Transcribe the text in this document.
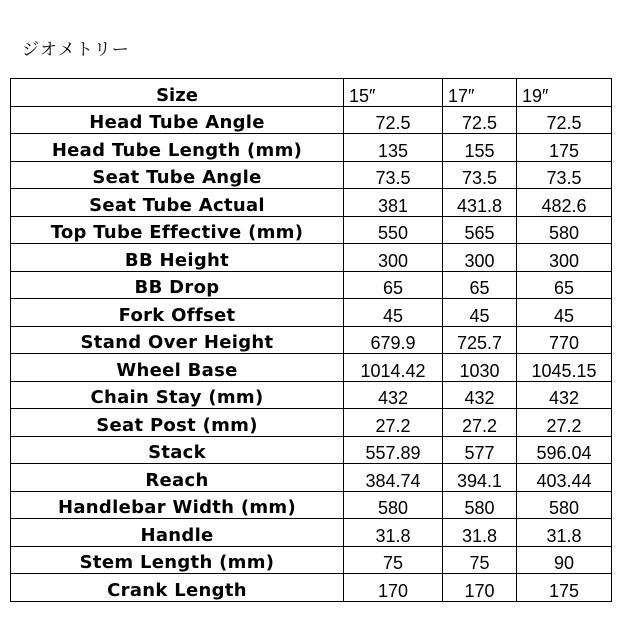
ジオメトリー
Size	15″	17″	19″
Head Tube Angle	72.5	72.5	72.5
Head Tube Length (mm)	135	155	175
Seat Tube Angle	73.5	73.5	73.5
Seat Tube Actual	381	431.8	482.6
Top Tube Effective (mm)	550	565	580
BB Height	300	300	300
BB Drop	65	65	65
Fork Offset	45	45	45
Stand Over Height	679.9	725.7	770
Wheel Base	1014.42	1030	1045.15
Chain Stay (mm)	432	432	432
Seat Post (mm)	27.2	27.2	27.2
Stack	557.89	577	596.04
Reach	384.74	394.1	403.44
Handlebar Width (mm)	580	580	580
Handle	31.8	31.8	31.8
Stem Length (mm)	75	75	90
Crank Length	170	170	175
